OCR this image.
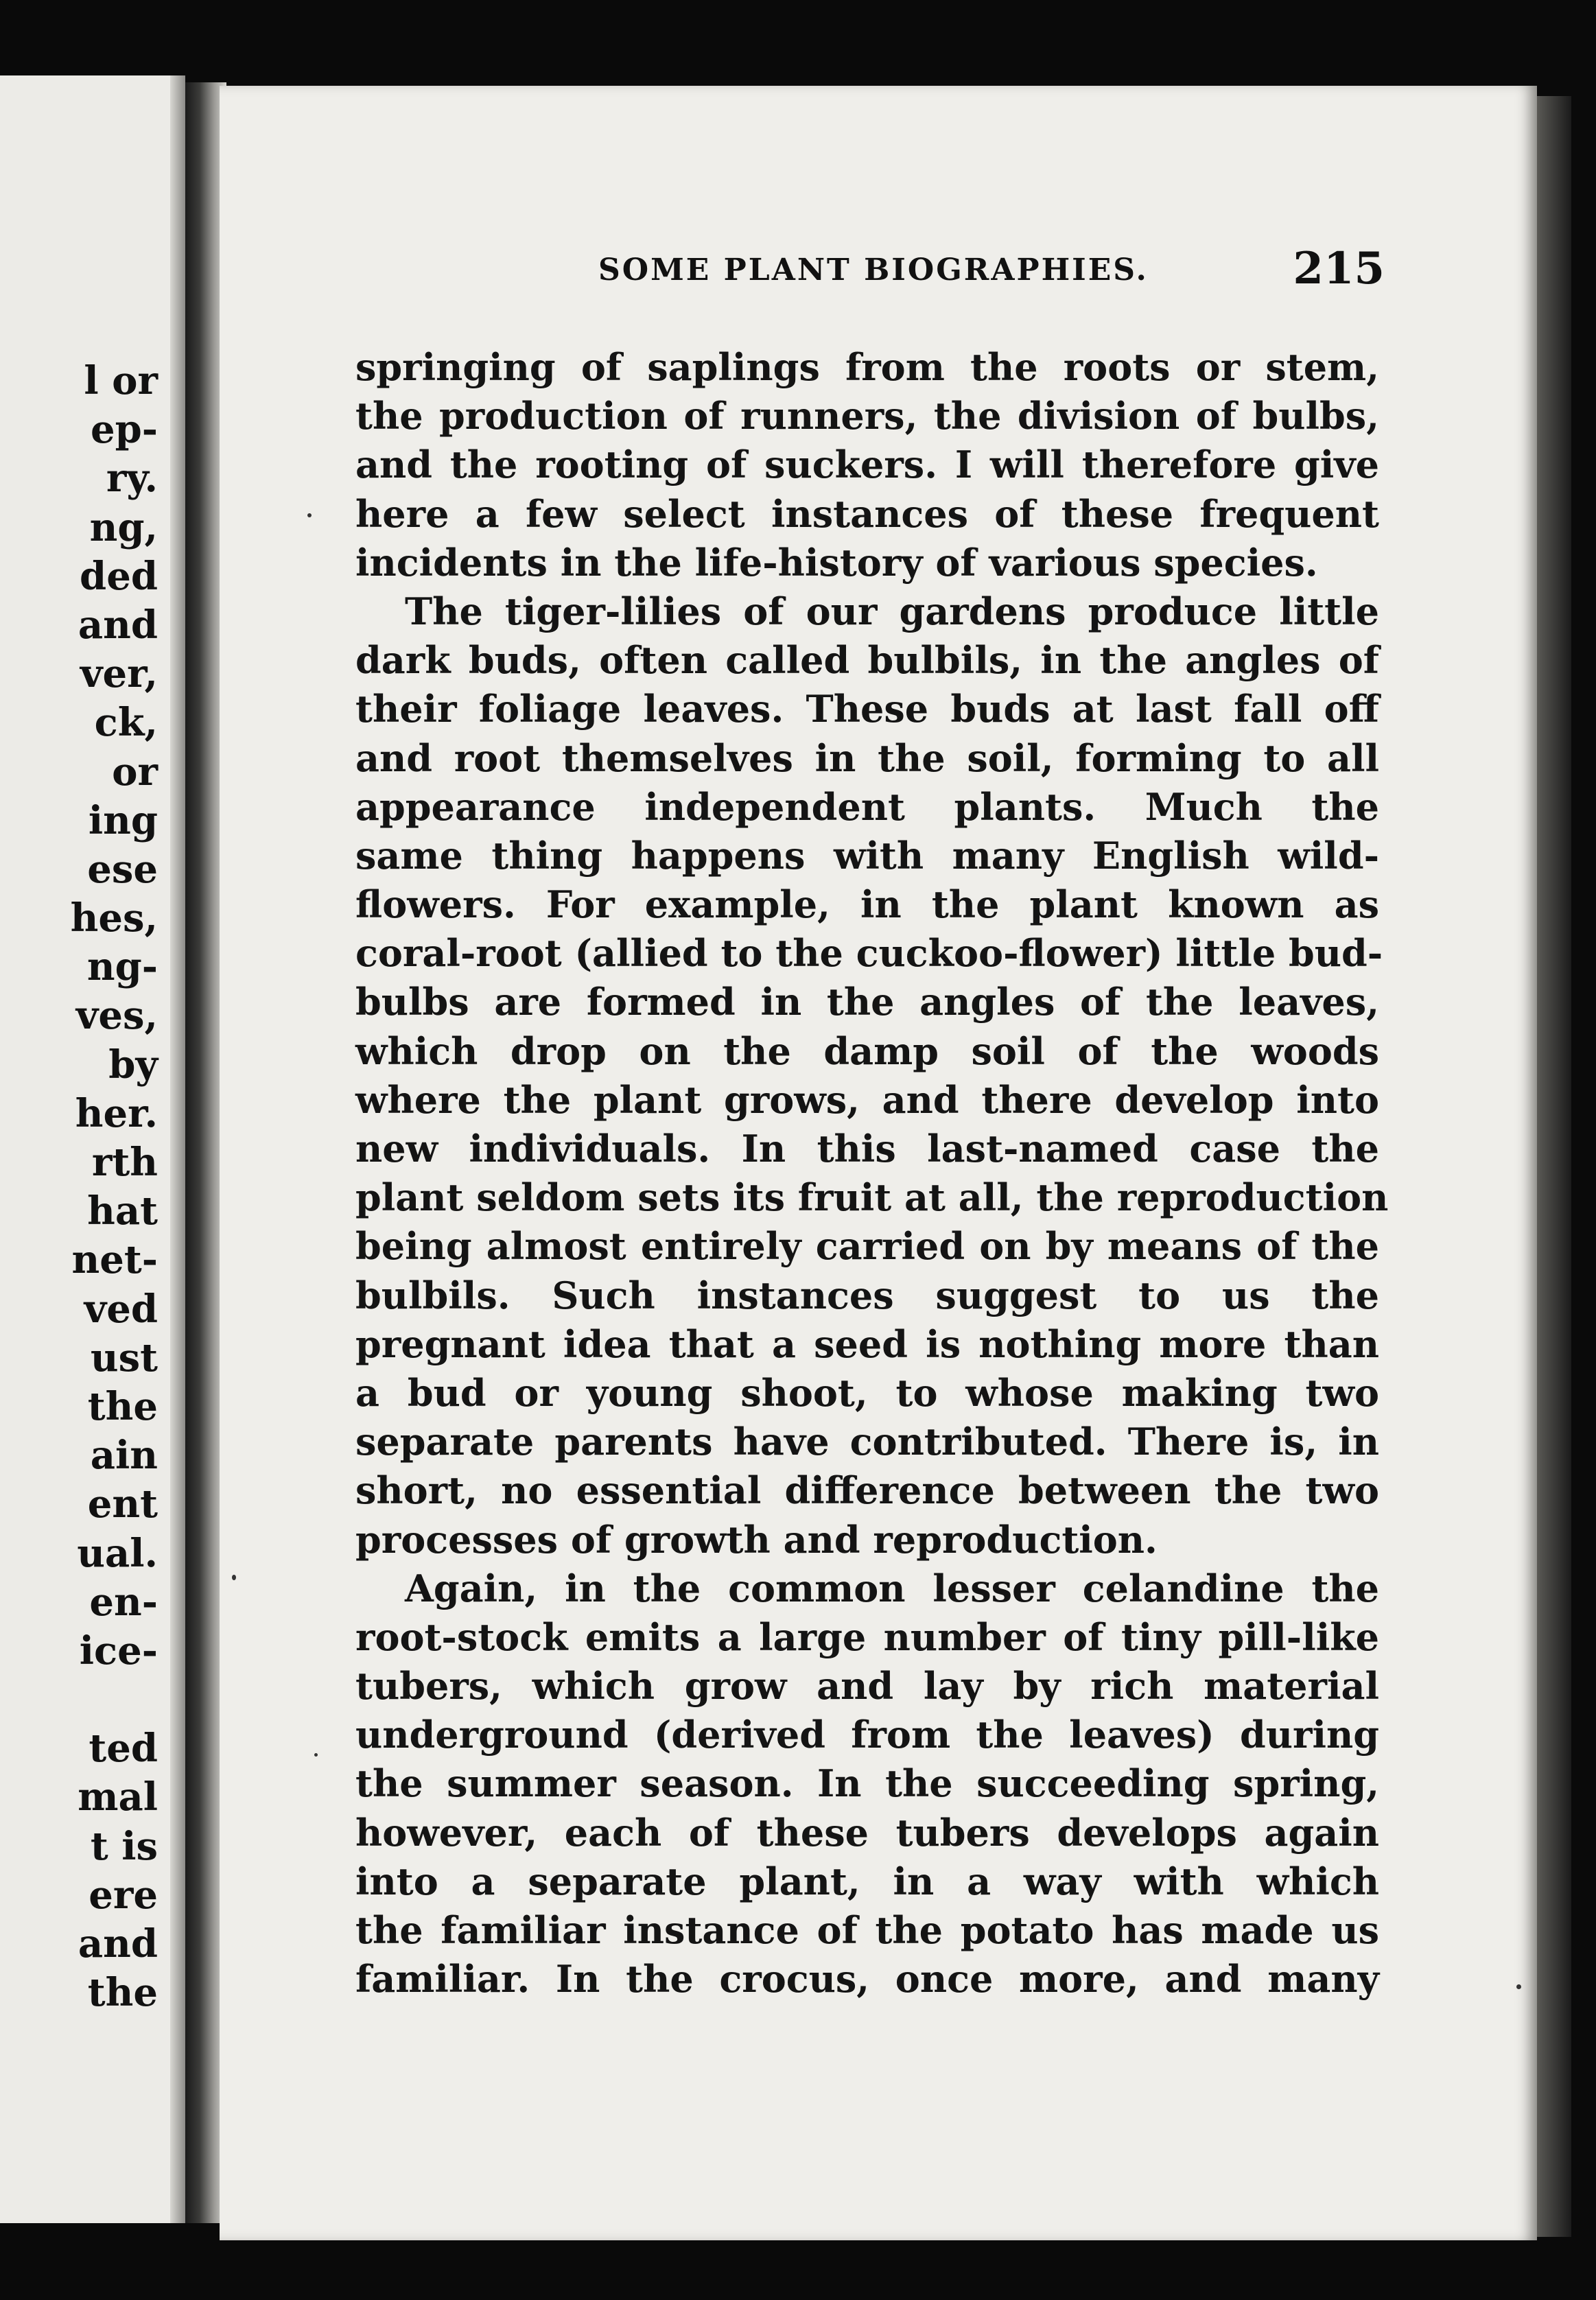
l or
ep-
ry.
ng,
ded
and
ver,
ck,
or
ing
ese
hes,
ng-
ves,
by
her.
rth
hat
net-
ved
ust
the
ain
ent
ual.
en-
ice-
ted
mal
t is
ere
and
the
SOME PLANT BIOGRAPHIES.	215
springing of saplings from the roots or stem,
the production of runners, the division of bulbs,
and the rooting of suckers. I will therefore give
here a few select instances of these frequent
incidents in the life-history of various species.
The tiger-lilies of our gardens produce little
dark buds, often called bulbils, in the angles of
their foliage leaves. These buds at last fall off
and root themselves in the soil, forming to all
appearance independent plants. Much the
same thing happens with many English wild-
flowers. For example, in the plant known as
coral-root (allied to the cuckoo-flower) little bud-
bulbs are formed in the angles of the leaves,
which drop on the damp soil of the woods
where the plant grows, and there develop into
new individuals. In this last-named case the
plant seldom sets its fruit at all, the reproduction
being almost entirely carried on by means of the
bulbils. Such instances suggest to us the
pregnant idea that a seed is nothing more than
a bud or young shoot, to whose making two
separate parents have contributed. There is, in
short, no essential difference between the two
processes of growth and reproduction.
Again, in the common lesser celandine the
root-stock emits a large number of tiny pill-like
tubers, which grow and lay by rich material
underground (derived from the leaves) during
the summer season. In the succeeding spring,
however, each of these tubers develops again
into a separate plant, in a way with which
the familiar instance of the potato has made us
familiar. In the crocus, once more, and many
